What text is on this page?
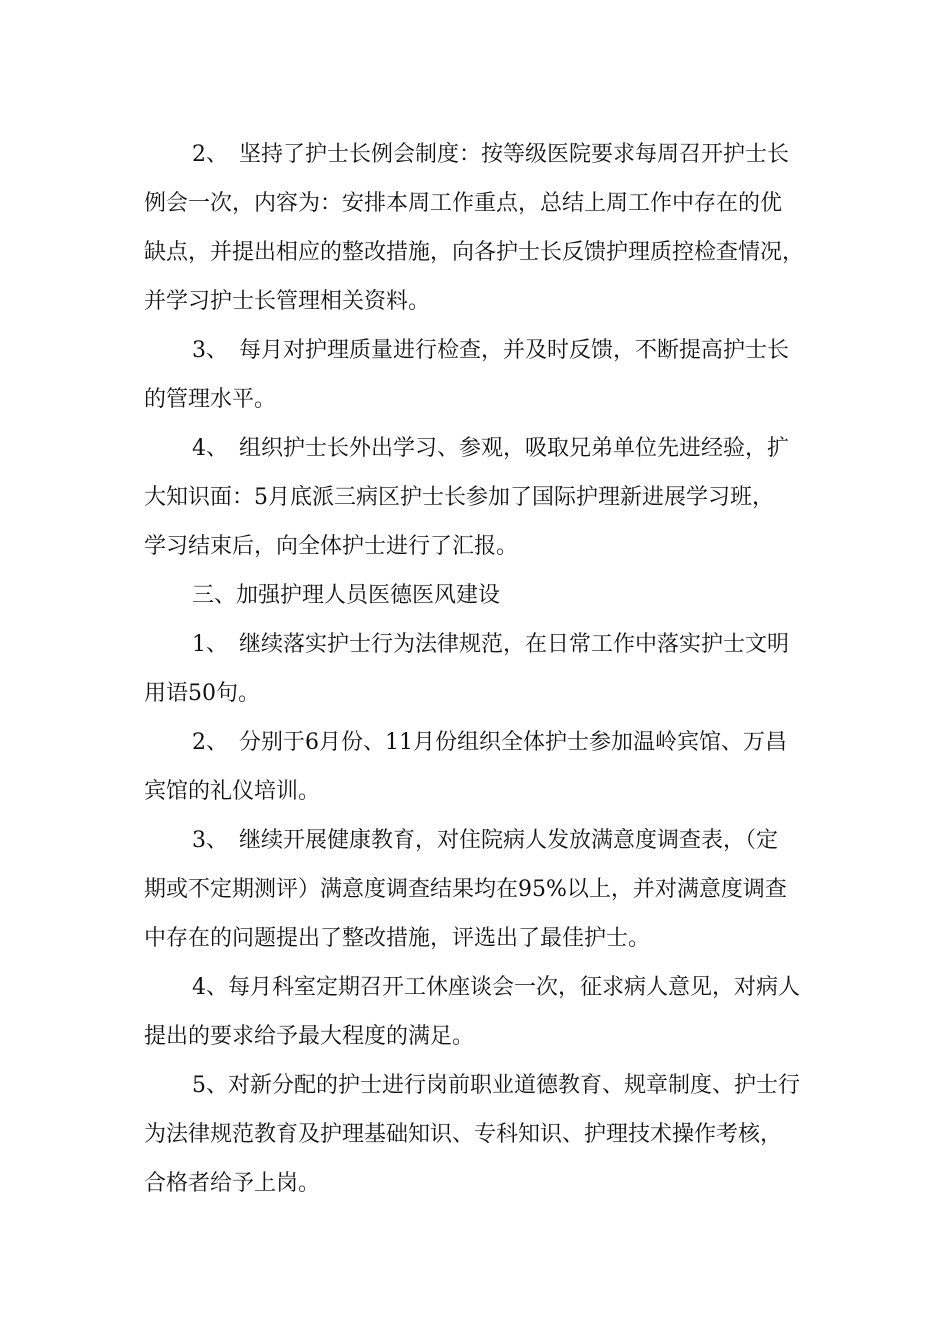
2、　坚持了护士长例会制度：按等级医院要求每周召开护士长
例会一次，内容为：安排本周工作重点，总结上周工作中存在的优
缺点，并提出相应的整改措施，向各护士长反馈护理质控检查情况，
并学习护士长管理相关资料。
3、　每月对护理质量进行检查，并及时反馈，不断提高护士长
的管理水平。
4、　组织护士长外出学习、参观，吸取兄弟单位先进经验，扩
大知识面：5月底派三病区护士长参加了国际护理新进展学习班，
学习结束后，向全体护士进行了汇报。
三、加强护理人员医德医风建设
1、　继续落实护士行为法律规范，在日常工作中落实护士文明
用语50句。
2、　分别于6月份、11月份组织全体护士参加温岭宾馆、万昌
宾馆的礼仪培训。
3、　继续开展健康教育，对住院病人发放满意度调查表，（定
期或不定期测评）满意度调查结果均在95%以上，并对满意度调查
中存在的问题提出了整改措施，评选出了最佳护士。
4、每月科室定期召开工休座谈会一次，征求病人意见，对病人
提出的要求给予最大程度的满足。
5、对新分配的护士进行岗前职业道德教育、规章制度、护士行
为法律规范教育及护理基础知识、专科知识、护理技术操作考核，
合格者给予上岗。
